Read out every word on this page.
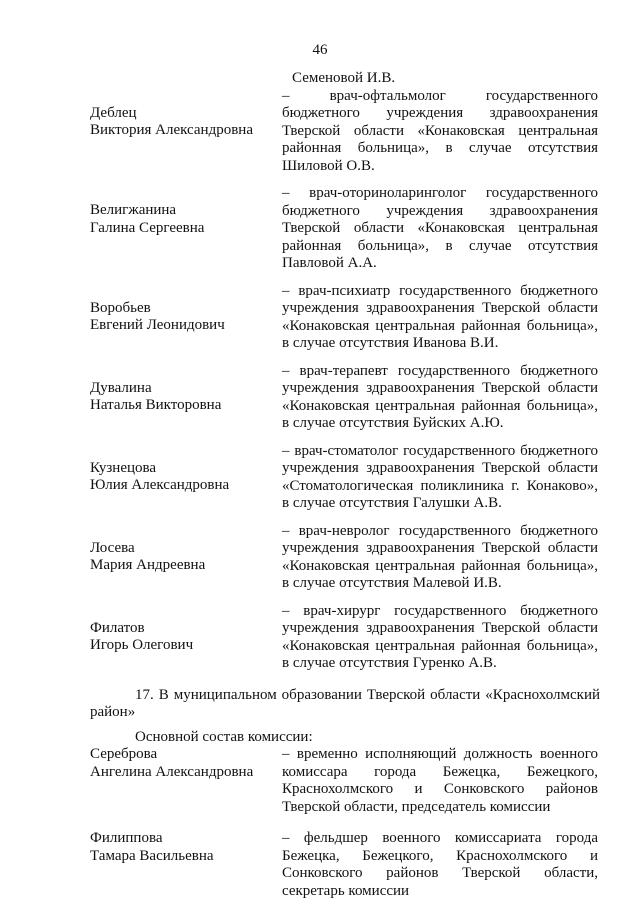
46
Семеновой И.В.
Деблец
Виктория Александровна
– врач-офтальмолог государственного бюджетного учреждения здравоохранения Тверской области «Конаковская центральная районная больница», в случае отсутствия Шиловой О.В.
Велигжанина
Галина Сергеевна
– врач-оториноларинголог государственного бюджетного учреждения здравоохранения Тверской области «Конаковская центральная районная больница», в случае отсутствия Павловой А.А.
Воробьев
Евгений Леонидович
– врач-психиатр государственного бюджетного учреждения здравоохранения Тверской области «Конаковская центральная районная больница», в случае отсутствия Иванова В.И.
Дувалина
Наталья Викторовна
– врач-терапевт государственного бюджетного учреждения здравоохранения Тверской области «Конаковская центральная районная больница», в случае отсутствия Буйских А.Ю.
Кузнецова
Юлия Александровна
– врач-стоматолог государственного бюджетного учреждения здравоохранения Тверской области «Стоматологическая поликлиника г. Конаково», в случае отсутствия Галушки А.В.
Лосева
Мария Андреевна
– врач-невролог государственного бюджетного учреждения здравоохранения Тверской области «Конаковская центральная районная больница», в случае отсутствия Малевой И.В.
Филатов
Игорь Олегович
– врач-хирург государственного бюджетного учреждения здравоохранения Тверской области «Конаковская центральная районная больница», в случае отсутствия Гуренко А.В.
17. В муниципальном образовании Тверской области «Краснохолмский район»
Основной состав комиссии:
Сереброва
Ангелина Александровна
– временно исполняющий должность военного комиссара города Бежецка, Бежецкого, Краснохолмского и Сонковского районов Тверской области, председатель комиссии
Филиппова
Тамара Васильевна
– фельдшер военного комиссариата города Бежецка, Бежецкого, Краснохолмского и Сонковского районов Тверской области, секретарь комиссии
